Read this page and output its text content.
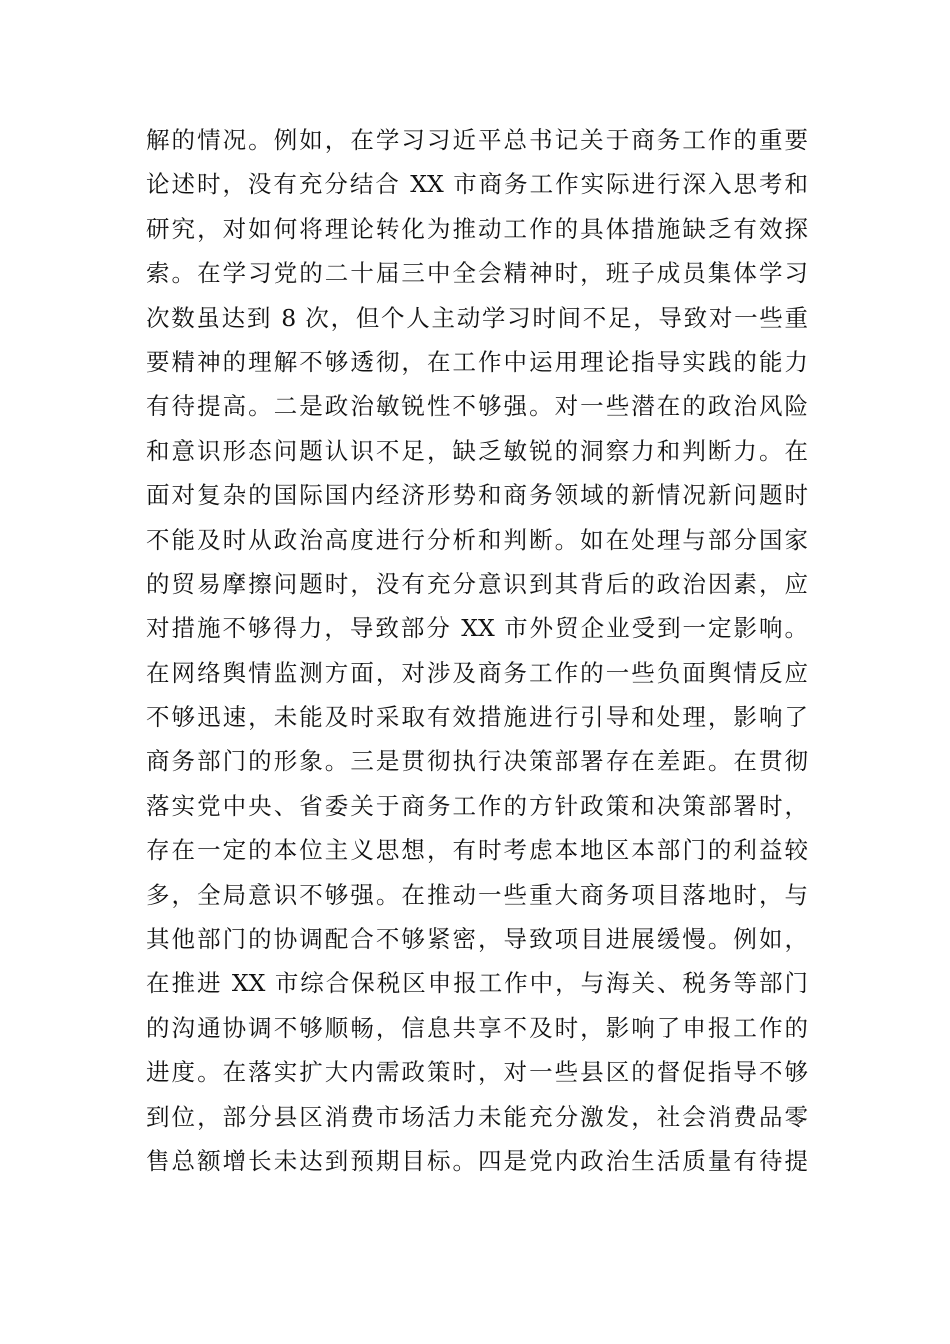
解的情况。例如，在学习习近平总书记关于商务工作的重要
论述时，没有充分结合 XX 市商务工作实际进行深入思考和
研究，对如何将理论转化为推动工作的具体措施缺乏有效探
索。在学习党的二十届三中全会精神时，班子成员集体学习
次数虽达到 8 次，但个人主动学习时间不足，导致对一些重
要精神的理解不够透彻，在工作中运用理论指导实践的能力
有待提高。二是政治敏锐性不够强。对一些潜在的政治风险
和意识形态问题认识不足，缺乏敏锐的洞察力和判断力。在
面对复杂的国际国内经济形势和商务领域的新情况新问题时
不能及时从政治高度进行分析和判断。如在处理与部分国家
的贸易摩擦问题时，没有充分意识到其背后的政治因素，应
对措施不够得力，导致部分 XX 市外贸企业受到一定影响。
在网络舆情监测方面，对涉及商务工作的一些负面舆情反应
不够迅速，未能及时采取有效措施进行引导和处理，影响了
商务部门的形象。三是贯彻执行决策部署存在差距。在贯彻
落实党中央、省委关于商务工作的方针政策和决策部署时，
存在一定的本位主义思想，有时考虑本地区本部门的利益较
多，全局意识不够强。在推动一些重大商务项目落地时，与
其他部门的协调配合不够紧密，导致项目进展缓慢。例如，
在推进 XX 市综合保税区申报工作中，与海关、税务等部门
的沟通协调不够顺畅，信息共享不及时，影响了申报工作的
进度。在落实扩大内需政策时，对一些县区的督促指导不够
到位，部分县区消费市场活力未能充分激发，社会消费品零
售总额增长未达到预期目标。四是党内政治生活质量有待提
